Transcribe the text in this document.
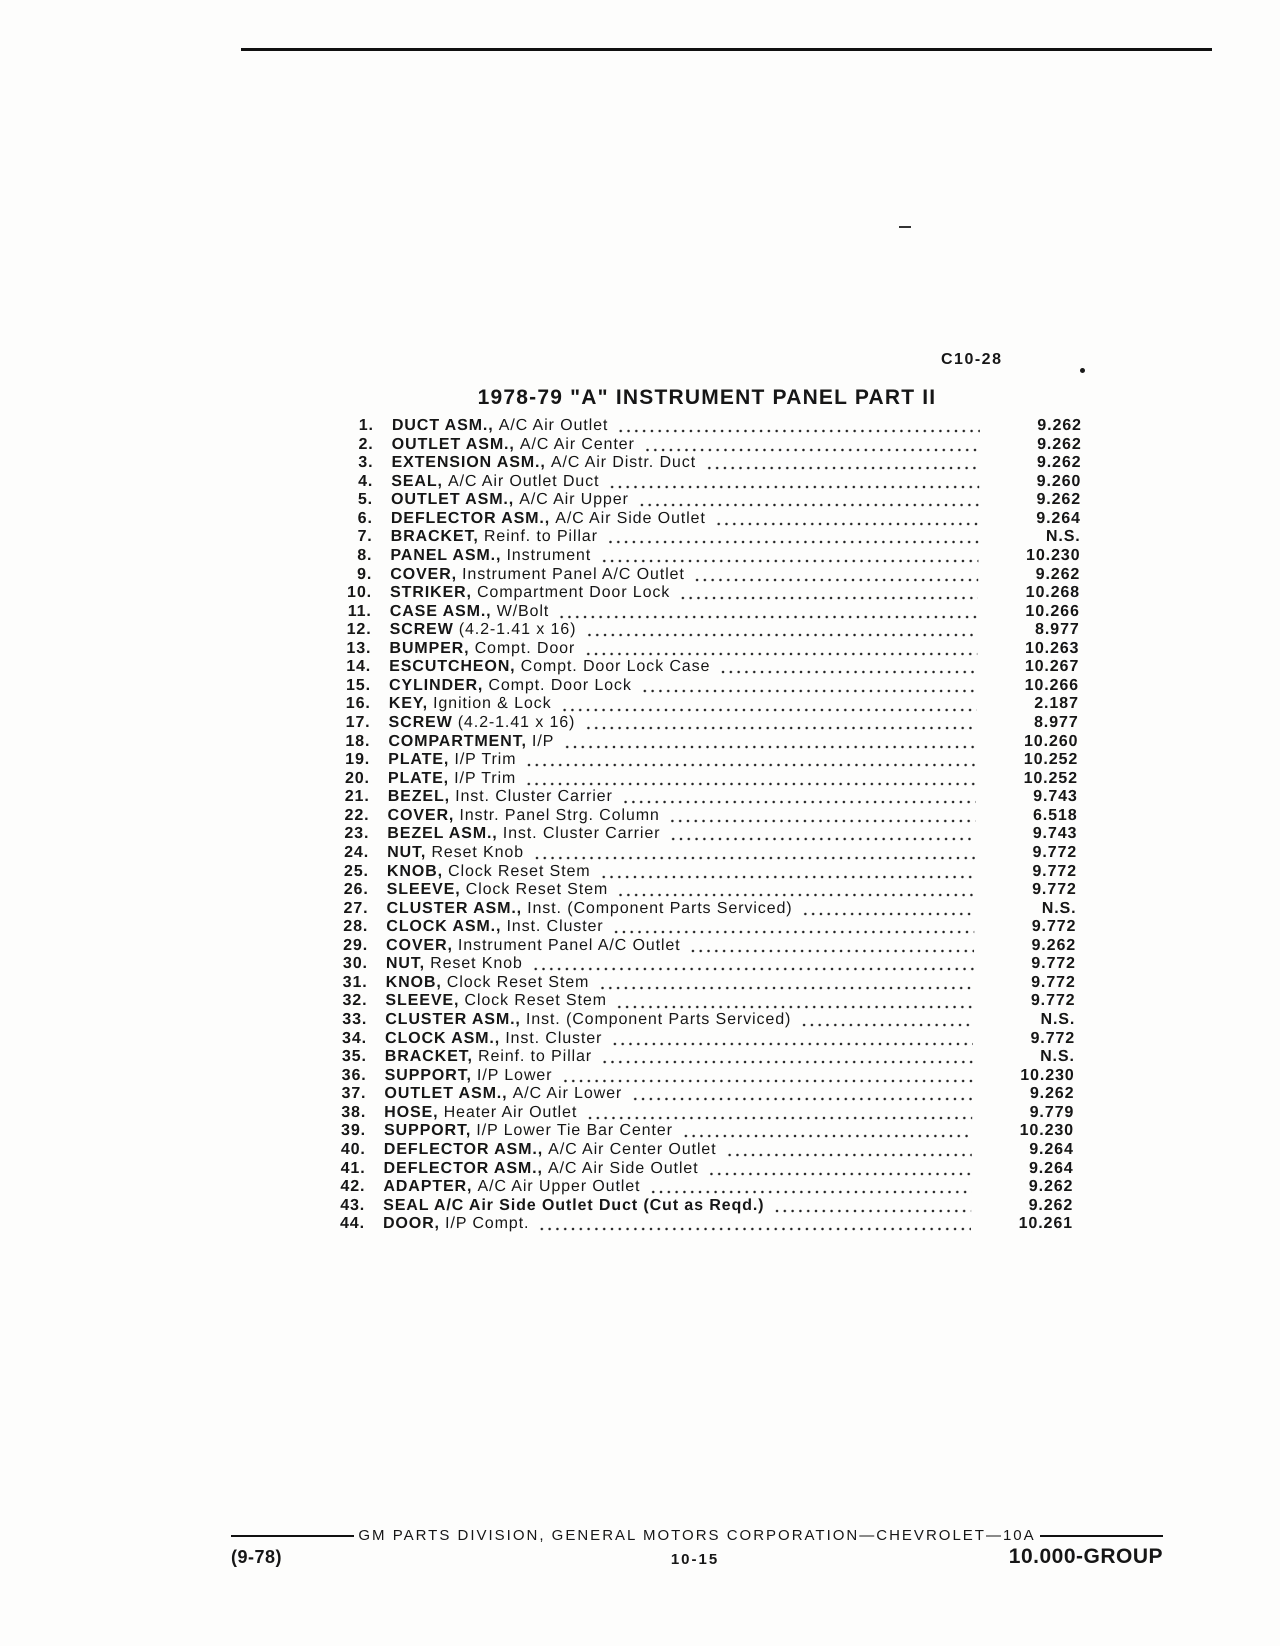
C10-28
1978-79 "A" INSTRUMENT PANEL PART II
1. DUCT ASM., A/C Air Outlet	9.262
2. OUTLET ASM., A/C Air Center	9.262
3. EXTENSION ASM., A/C Air Distr. Duct	9.262
4. SEAL, A/C Air Outlet Duct	9.260
5. OUTLET ASM., A/C Air Upper	9.262
6. DEFLECTOR ASM., A/C Air Side Outlet	9.264
7. BRACKET, Reinf. to Pillar	N.S.
8. PANEL ASM., Instrument	10.230
9. COVER, Instrument Panel A/C Outlet	9.262
10. STRIKER, Compartment Door Lock	10.268
11. CASE ASM., W/Bolt	10.266
12. SCREW (4.2-1.41 x 16)	8.977
13. BUMPER, Compt. Door	10.263
14. ESCUTCHEON, Compt. Door Lock Case	10.267
15. CYLINDER, Compt. Door Lock	10.266
16. KEY, Ignition & Lock	2.187
17. SCREW (4.2-1.41 x 16)	8.977
18. COMPARTMENT, I/P	10.260
19. PLATE, I/P Trim	10.252
20. PLATE, I/P Trim	10.252
21. BEZEL, Inst. Cluster Carrier	9.743
22. COVER, Instr. Panel Strg. Column	6.518
23. BEZEL ASM., Inst. Cluster Carrier	9.743
24. NUT, Reset Knob	9.772
25. KNOB, Clock Reset Stem	9.772
26. SLEEVE, Clock Reset Stem	9.772
27. CLUSTER ASM., Inst. (Component Parts Serviced)	N.S.
28. CLOCK ASM., Inst. Cluster	9.772
29. COVER, Instrument Panel A/C Outlet	9.262
30. NUT, Reset Knob	9.772
31. KNOB, Clock Reset Stem	9.772
32. SLEEVE, Clock Reset Stem	9.772
33. CLUSTER ASM., Inst. (Component Parts Serviced)	N.S.
34. CLOCK ASM., Inst. Cluster	9.772
35. BRACKET, Reinf. to Pillar	N.S.
36. SUPPORT, I/P Lower	10.230
37. OUTLET ASM., A/C Air Lower	9.262
38. HOSE, Heater Air Outlet	9.779
39. SUPPORT, I/P Lower Tie Bar Center	10.230
40. DEFLECTOR ASM., A/C Air Center Outlet	9.264
41. DEFLECTOR ASM., A/C Air Side Outlet	9.264
42. ADAPTER, A/C Air Upper Outlet	9.262
43. SEAL A/C Air Side Outlet Duct (Cut as Reqd.)	9.262
44. DOOR, I/P Compt.	10.261
GM PARTS DIVISION, GENERAL MOTORS CORPORATION—CHEVROLET—10A
(9-78)	10-15	10.000-GROUP
